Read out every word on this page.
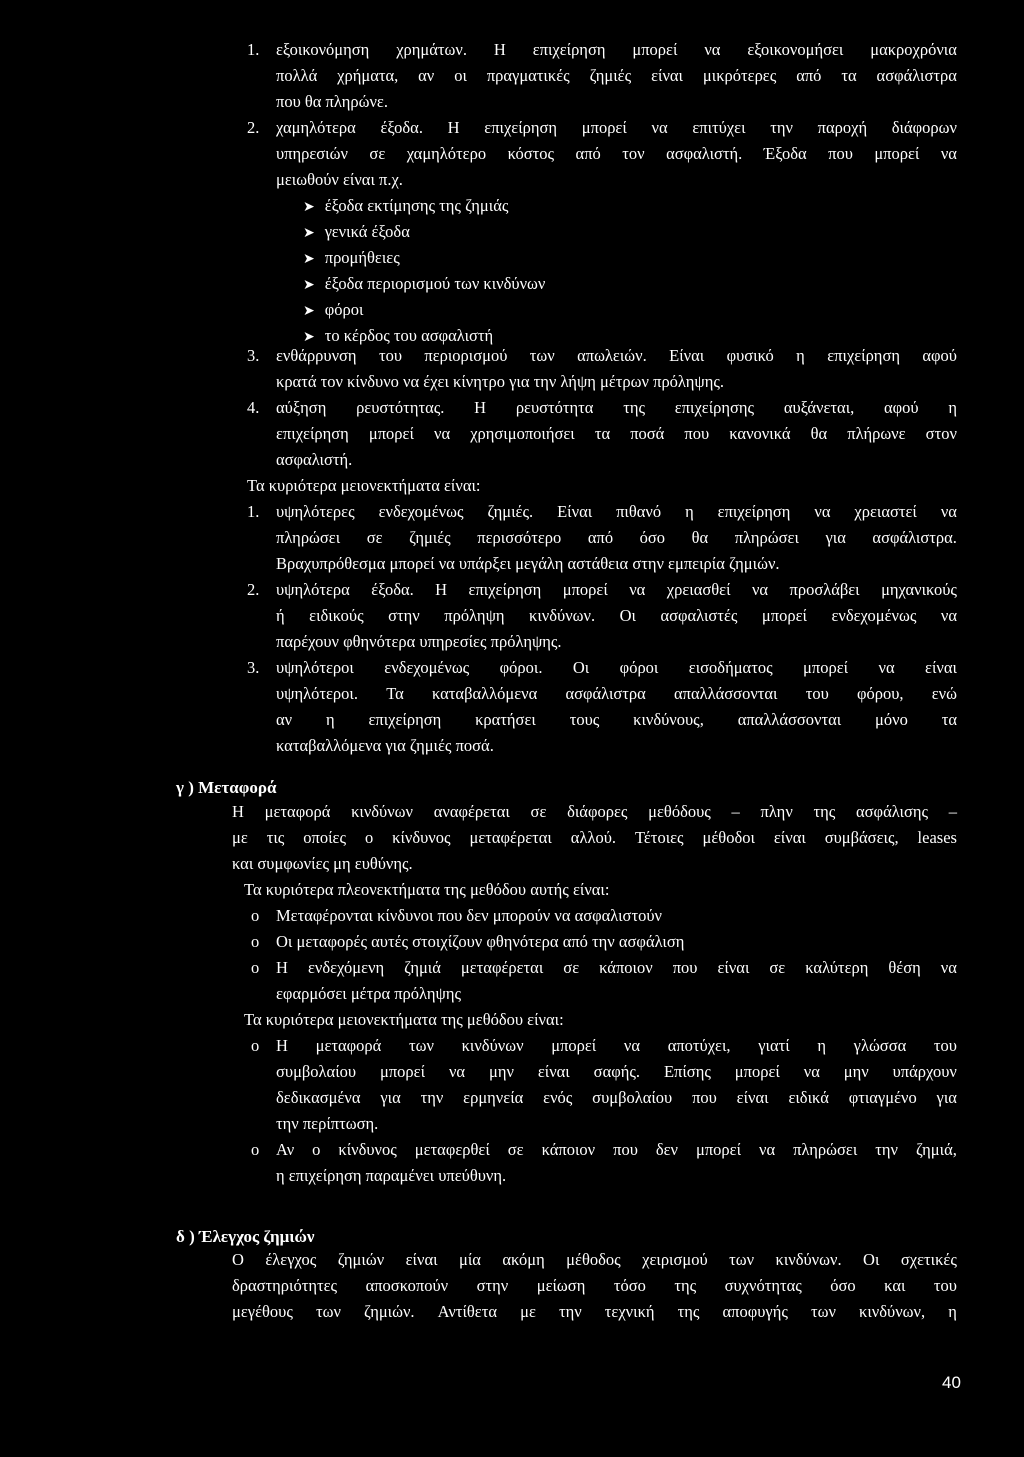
1. εξοικονόμηση χρημάτων. Η επιχείρηση μπορεί να εξοικονομήσει μακροχρόνια
πολλά χρήματα, αν οι πραγματικές ζημιές είναι μικρότερες από τα ασφάλιστρα
που θα πληρώνε.
2. χαμηλότερα έξοδα. Η επιχείρηση μπορεί να επιτύχει την παροχή διάφορων
υπηρεσιών σε χαμηλότερο κόστος από τον ασφαλιστή. Έξοδα που μπορεί να
μειωθούν είναι π.χ.
➤ έξοδα εκτίμησης της ζημιάς
➤ γενικά έξοδα
➤ προμήθειες
➤ έξοδα περιορισμού των κινδύνων
➤ φόροι
➤ το κέρδος του ασφαλιστή
3. ενθάρρυνση του περιορισμού των απωλειών. Είναι φυσικό η επιχείρηση αφού
κρατά τον κίνδυνο να έχει κίνητρο για την λήψη μέτρων πρόληψης.
4. αύξηση ρευστότητας. Η ρευστότητα της επιχείρησης αυξάνεται, αφού η
επιχείρηση μπορεί να χρησιμοποιήσει τα ποσά που κανονικά θα πλήρωνε στον
ασφαλιστή.
Τα κυριότερα μειονεκτήματα είναι:
1. υψηλότερες ενδεχομένως ζημιές. Είναι πιθανό η επιχείρηση να χρειαστεί να
πληρώσει σε ζημιές περισσότερο από όσο θα πληρώσει για ασφάλιστρα.
Βραχυπρόθεσμα μπορεί να υπάρξει μεγάλη αστάθεια στην εμπειρία ζημιών.
2. υψηλότερα έξοδα. Η επιχείρηση μπορεί να χρειασθεί να προσλάβει μηχανικούς
ή ειδικούς στην πρόληψη κινδύνων. Οι ασφαλιστές μπορεί ενδεχομένως να
παρέχουν φθηνότερα υπηρεσίες πρόληψης.
3. υψηλότεροι ενδεχομένως φόροι. Οι φόροι εισοδήματος μπορεί να είναι
υψηλότεροι. Τα καταβαλλόμενα ασφάλιστρα απαλλάσσονται του φόρου, ενώ
αν η επιχείρηση κρατήσει τους κινδύνους, απαλλάσσονται μόνο τα
καταβαλλόμενα για ζημιές ποσά.
γ ) Μεταφορά
Η μεταφορά κινδύνων αναφέρεται σε διάφορες μεθόδους – πλην της ασφάλισης –
με τις οποίες ο κίνδυνος μεταφέρεται αλλού. Τέτοιες μέθοδοι είναι συμβάσεις, leases
και συμφωνίες μη ευθύνης.
Τα κυριότερα πλεονεκτήματα της μεθόδου αυτής είναι:
o Μεταφέρονται κίνδυνοι που δεν μπορούν να ασφαλιστούν
o Οι μεταφορές αυτές στοιχίζουν φθηνότερα από την ασφάλιση
o Η ενδεχόμενη ζημιά μεταφέρεται σε κάποιον που είναι σε καλύτερη θέση να
εφαρμόσει μέτρα πρόληψης
Τα κυριότερα μειονεκτήματα της μεθόδου είναι:
o Η μεταφορά των κινδύνων μπορεί να αποτύχει, γιατί η γλώσσα του
συμβολαίου μπορεί να μην είναι σαφής. Επίσης μπορεί να μην υπάρχουν
δεδικασμένα για την ερμηνεία ενός συμβολαίου που είναι ειδικά φτιαγμένο για
την περίπτωση.
o Αν ο κίνδυνος μεταφερθεί σε κάποιον που δεν μπορεί να πληρώσει την ζημιά,
η επιχείρηση παραμένει υπεύθυνη.
δ ) Έλεγχος ζημιών
Ο έλεγχος ζημιών είναι μία ακόμη μέθοδος χειρισμού των κινδύνων. Οι σχετικές
δραστηριότητες αποσκοπούν στην μείωση τόσο της συχνότητας όσο και του
μεγέθους των ζημιών. Αντίθετα με την τεχνική της αποφυγής των κινδύνων, η
40
